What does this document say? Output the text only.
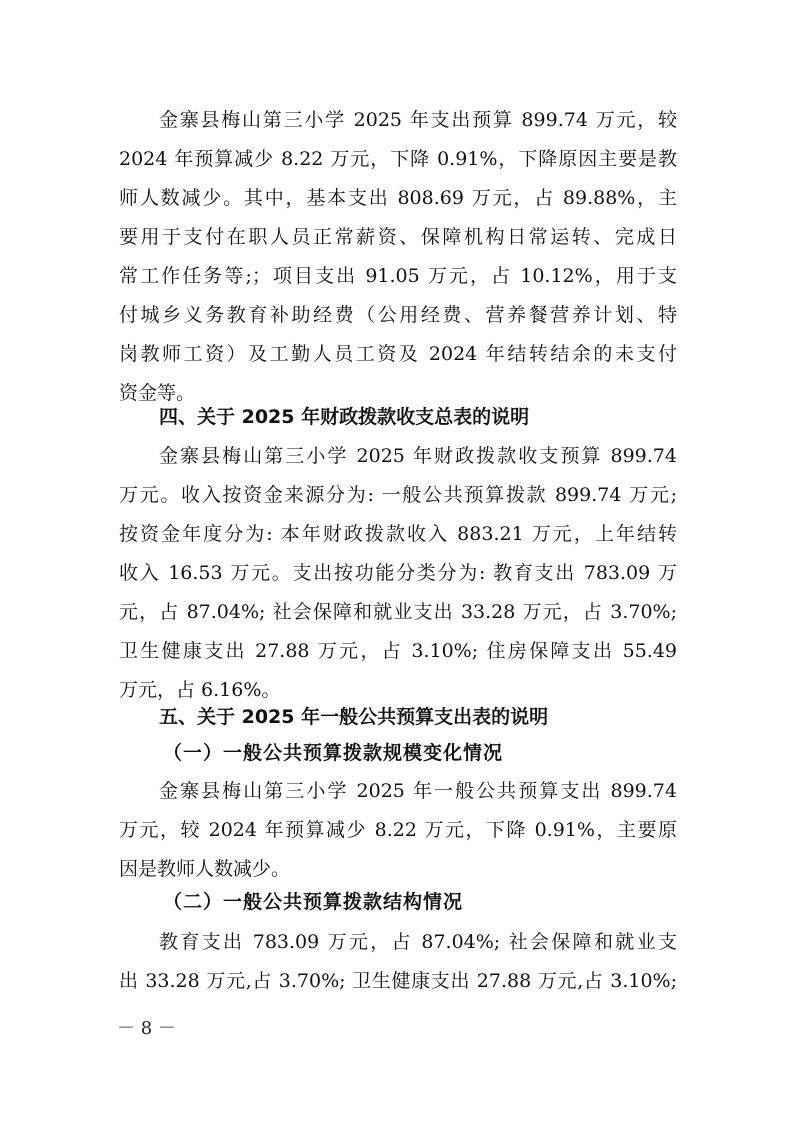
金寨县梅山第三小学 2025 年支出预算 899.74 万元，较
2024 年预算减少 8.22 万元，下降 0.91%，下降原因主要是教
师人数减少。其中，基本支出 808.69 万元，占 89.88%，主
要用于支付在职人员正常薪资、保障机构日常运转、完成日
常工作任务等;；项目支出 91.05 万元，占 10.12%，用于支
付城乡义务教育补助经费（公用经费、营养餐营养计划、特
岗教师工资）及工勤人员工资及 2024 年结转结余的未支付
资金等。
四、关于 2025 年财政拨款收支总表的说明
金寨县梅山第三小学 2025 年财政拨款收支预算 899.74
万元。收入按资金来源分为: 一般公共预算拨款 899.74 万元;
按资金年度分为: 本年财政拨款收入 883.21 万元，上年结转
收入 16.53 万元。支出按功能分类分为: 教育支出 783.09 万
元，占 87.04%; 社会保障和就业支出 33.28 万元，占 3.70%;
卫生健康支出 27.88 万元，占 3.10%; 住房保障支出 55.49
万元，占 6.16%。
五、关于 2025 年一般公共预算支出表的说明
（一）一般公共预算拨款规模变化情况
金寨县梅山第三小学 2025 年一般公共预算支出 899.74
万元，较 2024 年预算减少 8.22 万元，下降 0.91%，主要原
因是教师人数减少。
（二）一般公共预算拨款结构情况
教育支出 783.09 万元，占 87.04%; 社会保障和就业支
出 33.28 万元,占 3.70%; 卫生健康支出 27.88 万元,占 3.10%;
－ 8 －
